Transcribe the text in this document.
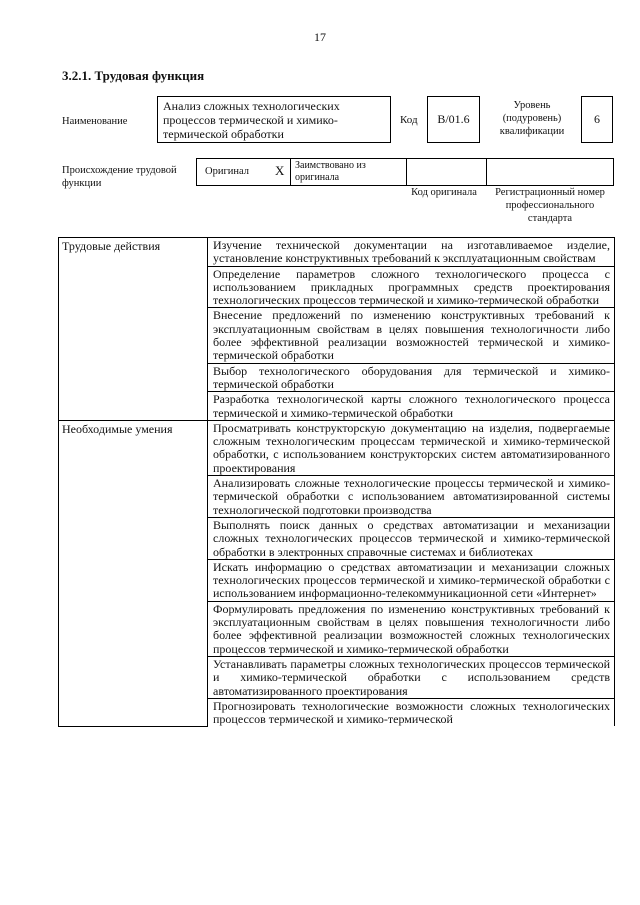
17
3.2.1. Трудовая функция
Наименование
Анализ сложных технологических процессов термической и химико-термической обработки
Код	В/01.6
Уровень (подуровень) квалификации
6
Происхождение трудовой функции
Оригинал X	Заимствовано из оригинала
Код оригинала	Регистрационный номер профессионального стандарта
Трудовые действия	Изучение технической документации на изготавливаемое изделие, установление конструктивных требований к эксплуатационным свойствам
	Определение параметров сложного технологического процесса с использованием прикладных программных средств проектирования технологических процессов термической и химико-термической обработки
	Внесение предложений по изменению конструктивных требований к эксплуатационным свойствам в целях повышения технологичности либо более эффективной реализации возможностей термической и химико-термической обработки
	Выбор технологического оборудования для термической и химико-термической обработки
	Разработка технологической карты сложного технологического процесса термической и химико-термической обработки
Необходимые умения	Просматривать конструкторскую документацию на изделия, подвергаемые сложным технологическим процессам термической и химико-термической обработки, с использованием конструкторских систем автоматизированного проектирования
	Анализировать сложные технологические процессы термической и химико-термической обработки с использованием автоматизированной системы технологической подготовки производства
	Выполнять поиск данных о средствах автоматизации и механизации сложных технологических процессов термической и химико-термической обработки в электронных справочные системах и библиотеках
	Искать информацию о средствах автоматизации и механизации сложных технологических процессов термической и химико-термической обработки с использованием информационно-телекоммуникационной сети «Интернет»
	Формулировать предложения по изменению конструктивных требований к эксплуатационным свойствам в целях повышения технологичности либо более эффективной реализации возможностей сложных технологических процессов термической и химико-термической обработки
	Устанавливать параметры сложных технологических процессов термической и химико-термической обработки с использованием средств автоматизированного проектирования
	Прогнозировать технологические возможности сложных технологических процессов термической и химико-термической
